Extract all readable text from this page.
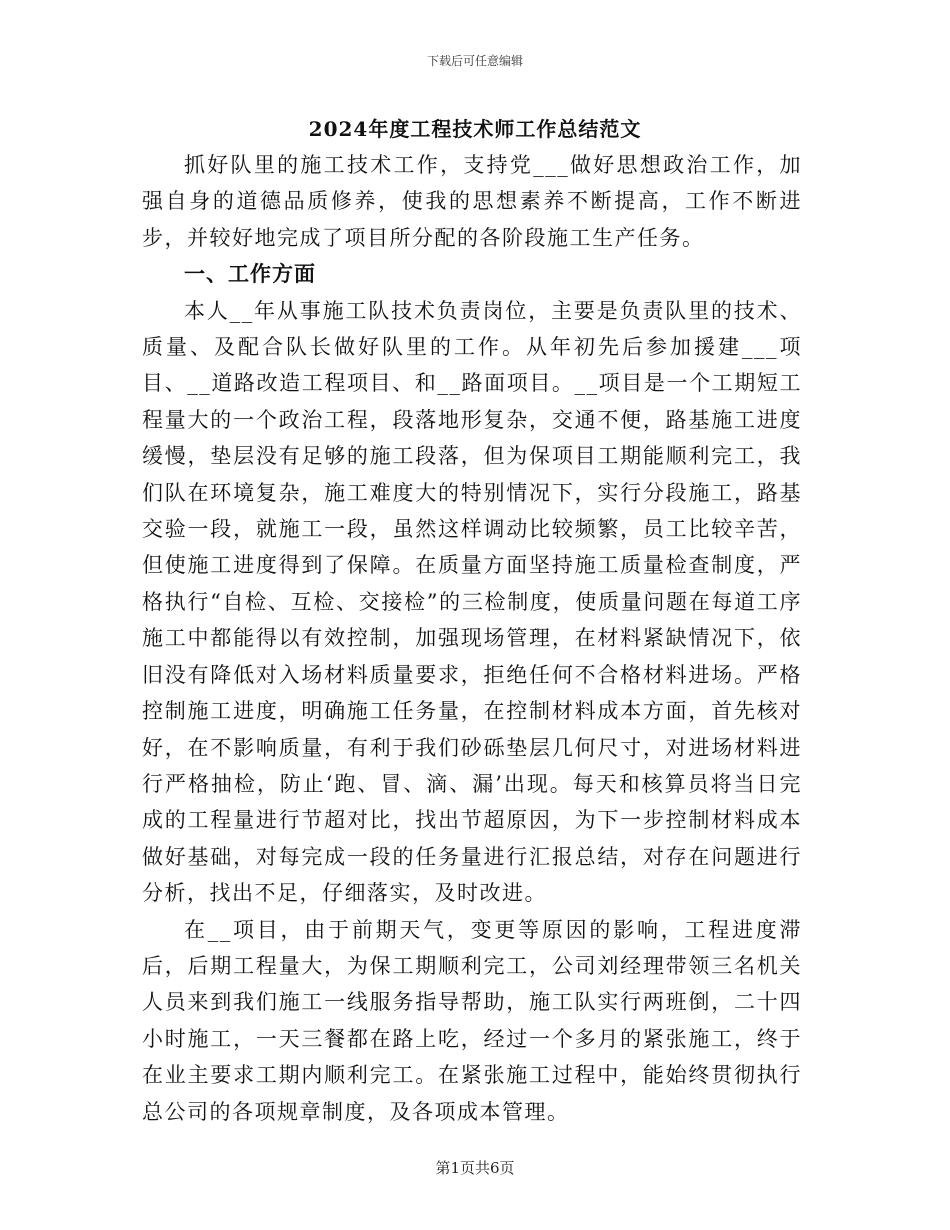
下载后可任意编辑
2024年度工程技术师工作总结范文

抓好队里的施工技术工作，支持党___做好思想政治工作，加强自身的道德品质修养，使我的思想素养不断提高，工作不断进步，并较好地完成了项目所分配的各阶段施工生产任务。

一、工作方面

本人__年从事施工队技术负责岗位，主要是负责队里的技术、质量、及配合队长做好队里的工作。从年初先后参加援建___项目、__道路改造工程项目、和__路面项目。__项目是一个工期短工程量大的一个政治工程，段落地形复杂，交通不便，路基施工进度缓慢，垫层没有足够的施工段落，但为保项目工期能顺利完工，我们队在环境复杂，施工难度大的特别情况下，实行分段施工，路基交验一段，就施工一段，虽然这样调动比较频繁，员工比较辛苦，但使施工进度得到了保障。在质量方面坚持施工质量检查制度，严格执行“自检、互检、交接检”的三检制度，使质量问题在每道工序施工中都能得以有效控制，加强现场管理，在材料紧缺情况下，依旧没有降低对入场材料质量要求，拒绝任何不合格材料进场。严格控制施工进度，明确施工任务量，在控制材料成本方面，首先核对好，在不影响质量，有利于我们砂砾垫层几何尺寸，对进场材料进行严格抽检，防止‘跑、冒、滴、漏’出现。每天和核算员将当日完成的工程量进行节超对比，找出节超原因，为下一步控制材料成本做好基础，对每完成一段的任务量进行汇报总结，对存在问题进行分析，找出不足，仔细落实，及时改进。

在__项目，由于前期天气，变更等原因的影响，工程进度滞后，后期工程量大，为保工期顺利完工，公司刘经理带领三名机关人员来到我们施工一线服务指导帮助，施工队实行两班倒，二十四小时施工，一天三餐都在路上吃，经过一个多月的紧张施工，终于在业主要求工期内顺利完工。在紧张施工过程中，能始终贯彻执行总公司的各项规章制度，及各项成本管理。

第1页共6页
